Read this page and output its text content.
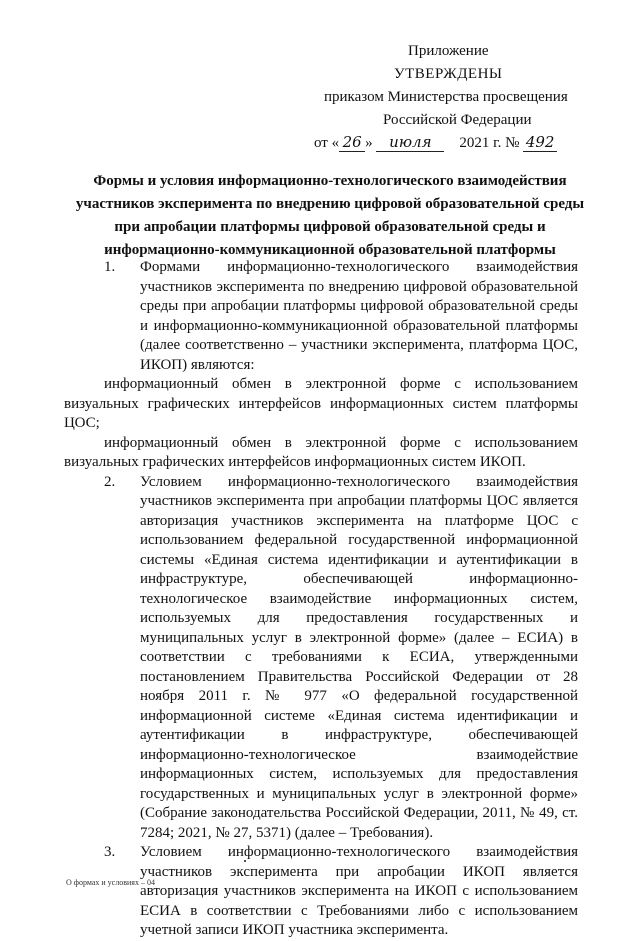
Приложение
УТВЕРЖДЕНЫ
приказом Министерства просвещения
Российской Федерации
от « 26 » июля 2021 г. № 492
Формы и условия информационно-технологического взаимодействия участников эксперимента по внедрению цифровой образовательной среды при апробации платформы цифровой образовательной среды и информационно-коммуникационной образовательной платформы
1.	Формами информационно-технологического взаимодействия участников эксперимента по внедрению цифровой образовательной среды при апробации платформы цифровой образовательной среды и информационно-коммуникационной образовательной платформы (далее соответственно – участники эксперимента, платформа ЦОС, ИКОП) являются:

информационный обмен в электронной форме с использованием визуальных графических интерфейсов информационных систем платформы ЦОС;

информационный обмен в электронной форме с использованием визуальных графических интерфейсов информационных систем ИКОП.

2.	Условием информационно-технологического взаимодействия участников эксперимента при апробации платформы ЦОС является авторизация участников эксперимента на платформе ЦОС с использованием федеральной государственной информационной системы «Единая система идентификации и аутентификации в инфраструктуре, обеспечивающей информационно-технологическое взаимодействие информационных систем, используемых для предоставления государственных и муниципальных услуг в электронной форме» (далее – ЕСИА) в соответствии с требованиями к ЕСИА, утвержденными постановлением Правительства Российской Федерации от 28 ноября 2011 г. № 977 «О федеральной государственной информационной системе «Единая система идентификации и аутентификации в инфраструктуре, обеспечивающей информационно-технологическое взаимодействие информационных систем, используемых для предоставления государственных и муниципальных услуг в электронной форме» (Собрание законодательства Российской Федерации, 2011, № 49, ст. 7284; 2021, № 27, 5371) (далее – Требования).
3.	Условием информационно-технологического взаимодействия участников эксперимента при апробации ИКОП является авторизация участников эксперимента на ИКОП с использованием ЕСИА в соответствии с Требованиями либо с использованием учетной записи ИКОП участника эксперимента.
О формах и условиях – 04
